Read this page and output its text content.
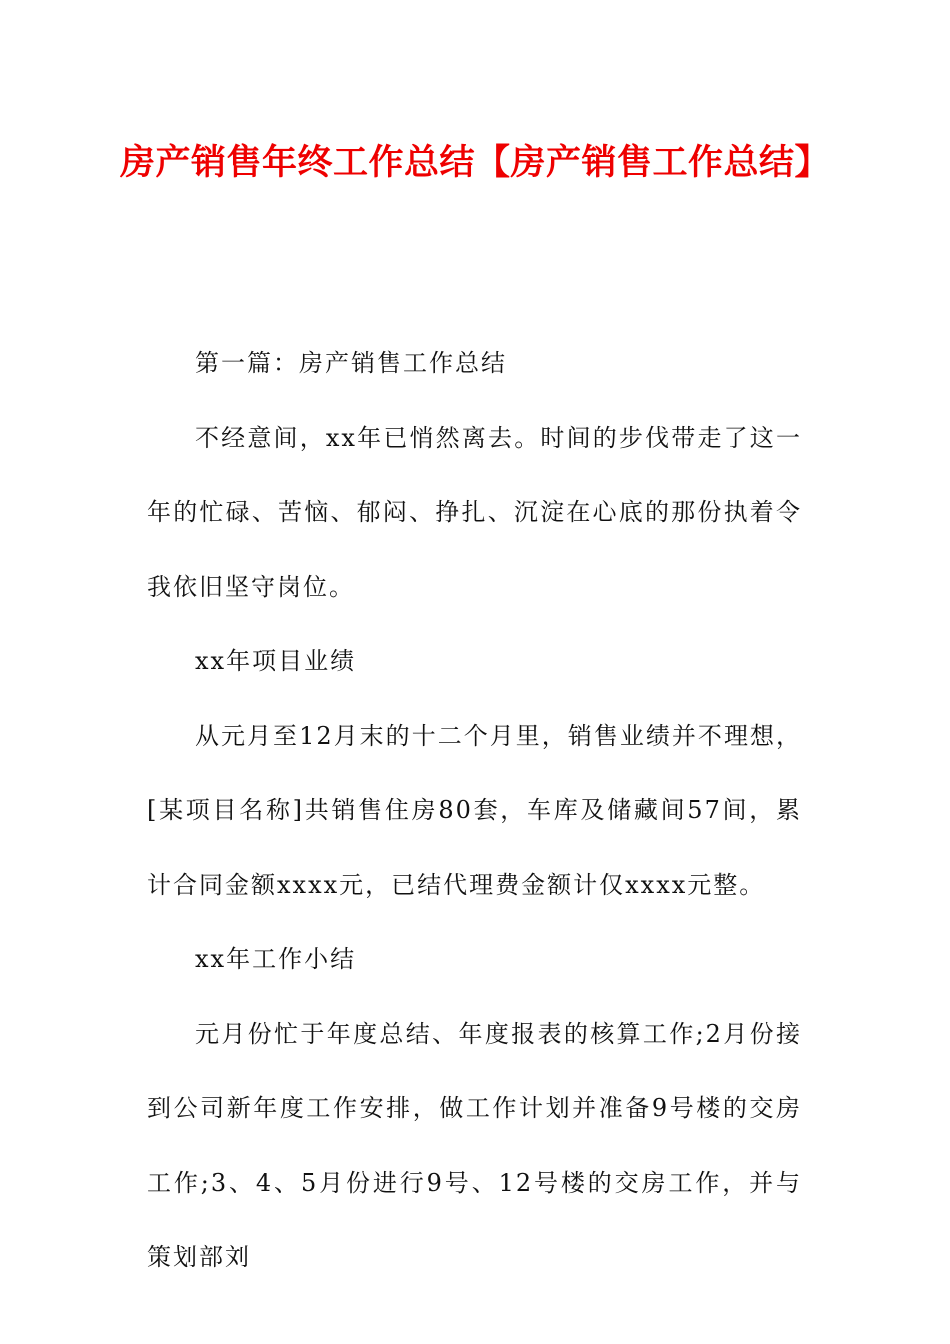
房产销售年终工作总结【房产销售工作总结】

第一篇：房产销售工作总结

不经意间，xx年已悄然离去。时间的步伐带走了这一年的忙碌、苦恼、郁闷、挣扎、沉淀在心底的那份执着令我依旧坚守岗位。

xx年项目业绩

从元月至12月末的十二个月里，销售业绩并不理想，[某项目名称]共销售住房80套，车库及储藏间57间，累计合同金额xxxx元，已结代理费金额计仅xxxx元整。

xx年工作小结

元月份忙于年度总结、年度报表的核算工作;2月份接到公司新年度工作安排，做工作计划并准备9号楼的交房工作;3、4、5月份进行9号、12号楼的交房工作，并与策划部刘
